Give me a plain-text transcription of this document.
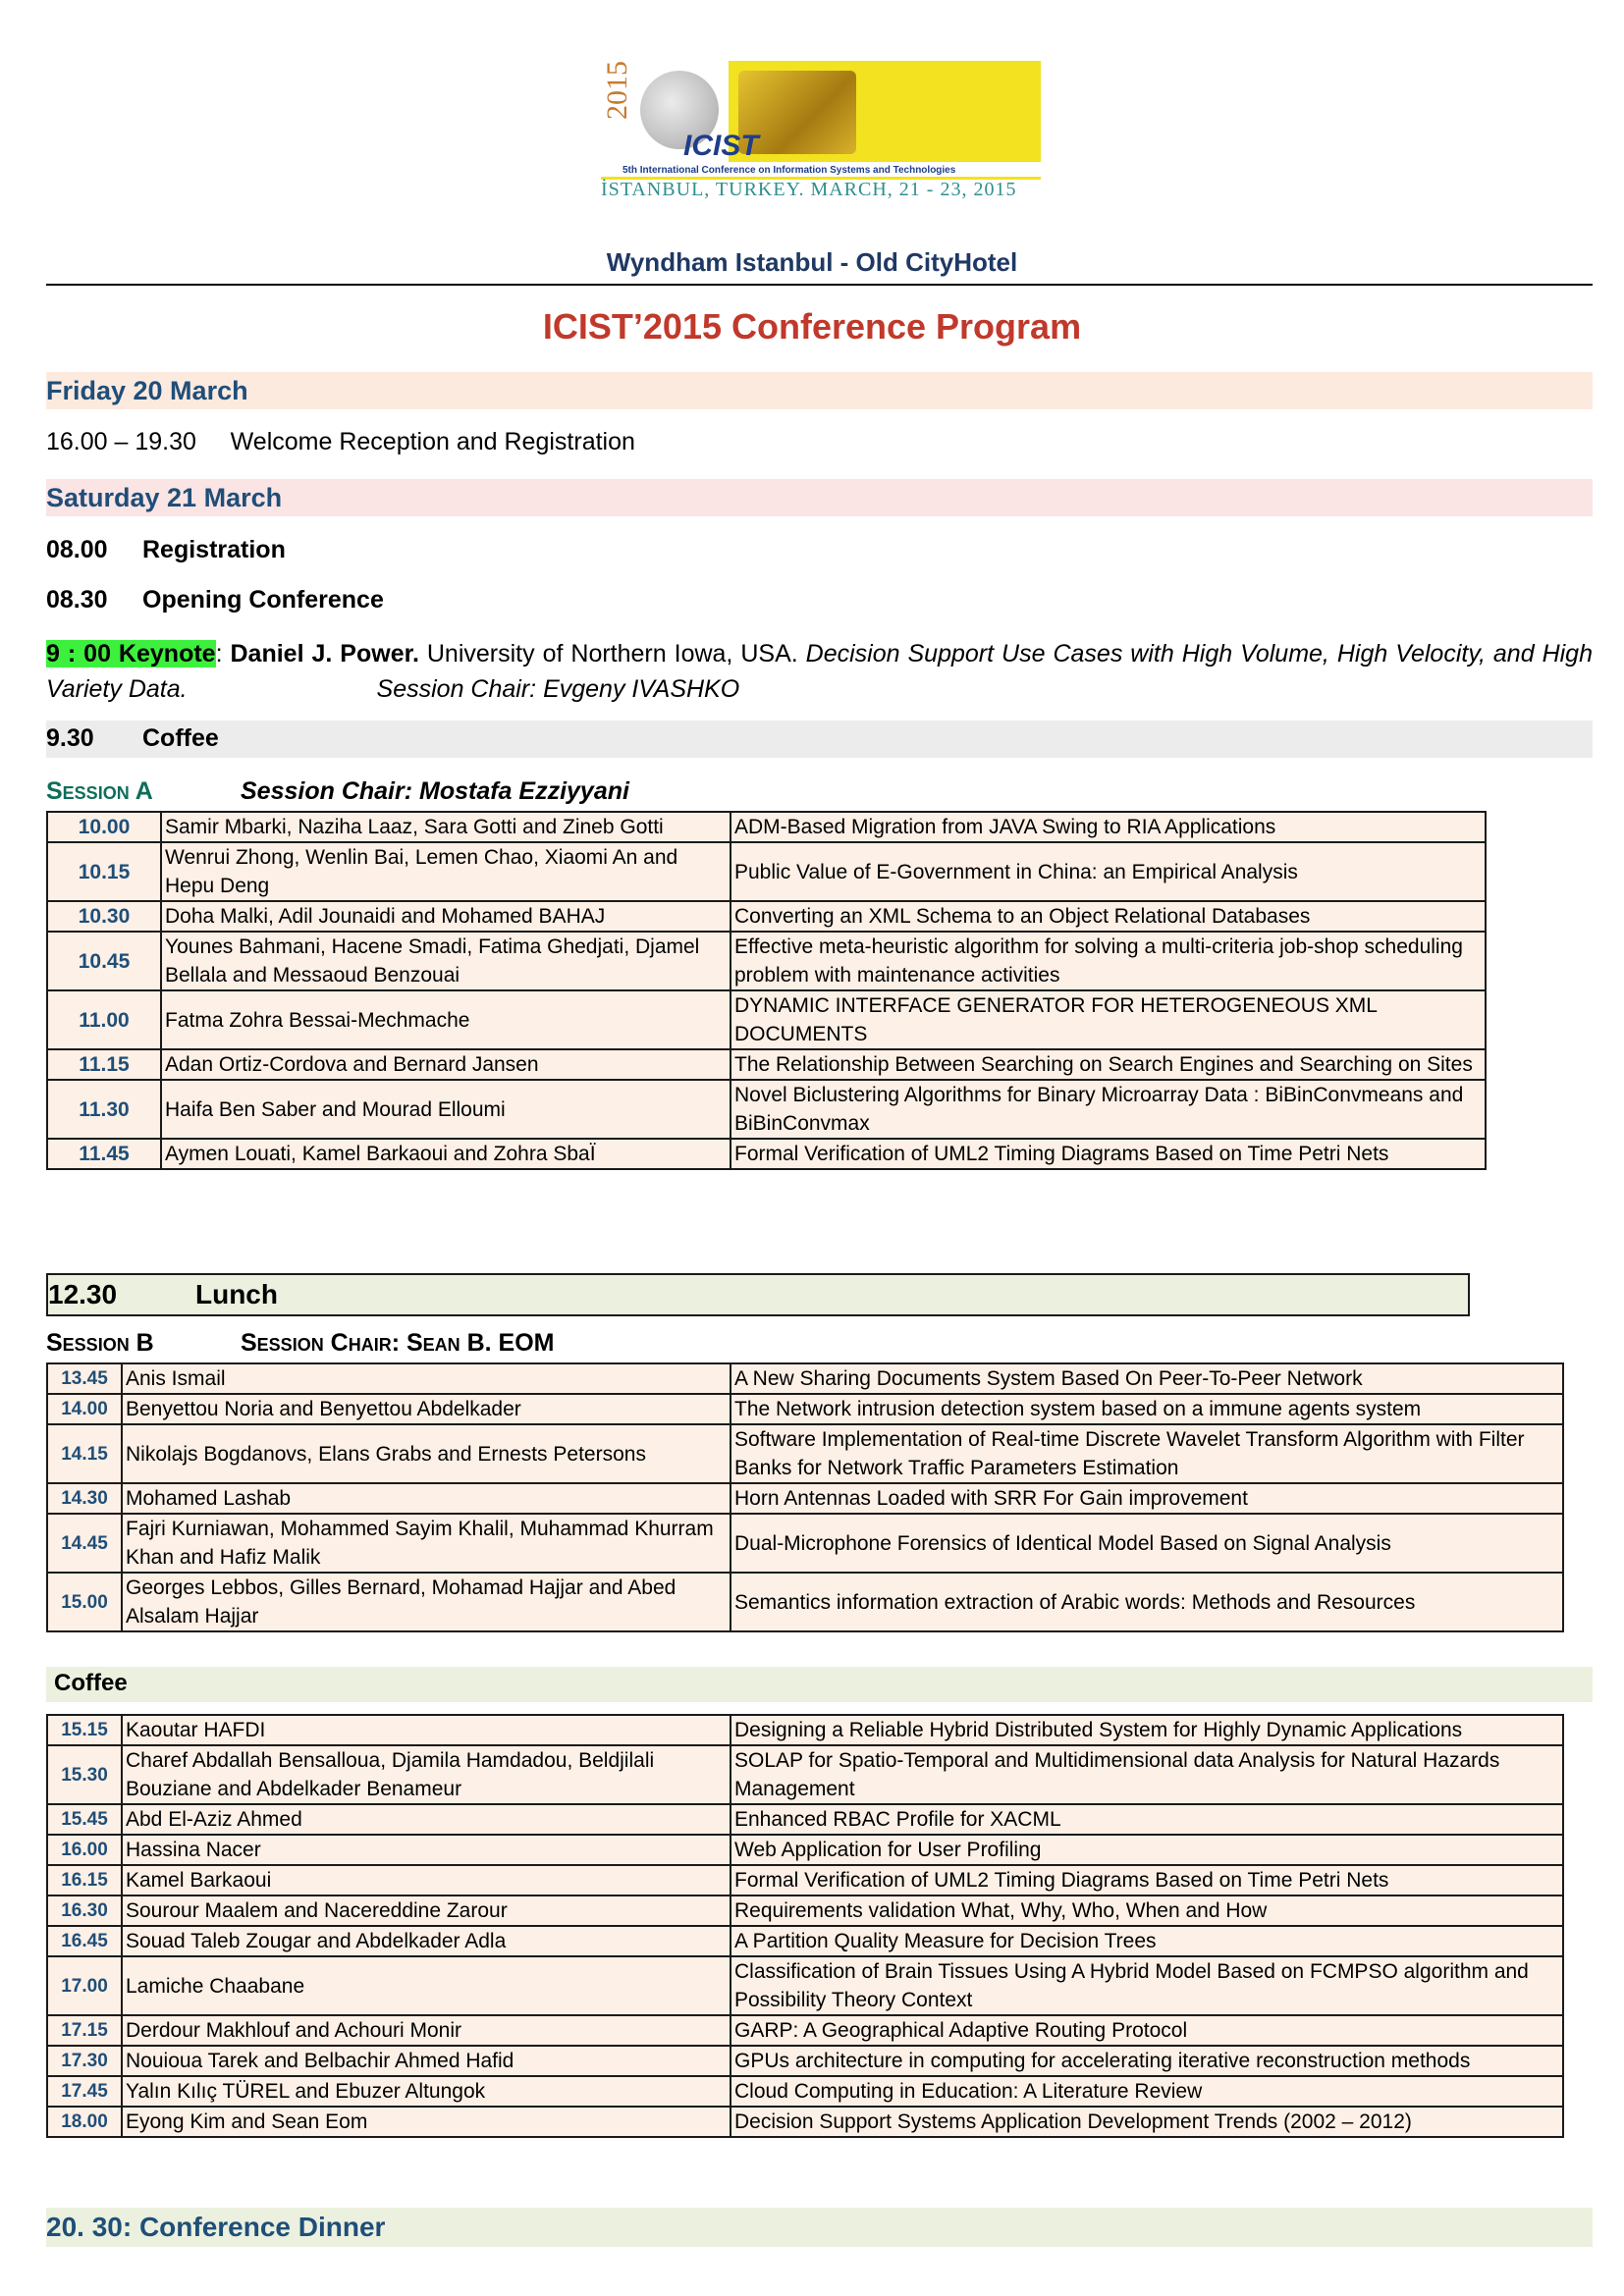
2015
ICIST
5th International Conference on Information Systems and Technologies
İSTANBUL, TURKEY. MARCH, 21 - 23, 2015
Wyndham Istanbul - Old CityHotel
ICIST’2015 Conference Program
Friday 20 March
16.00 – 19.30     Welcome Reception and Registration
Saturday 21 March
08.00 Registration
08.30 Opening Conference
9 : 00 Keynote: Daniel J. Power. University of Northern Iowa, USA. Decision Support Use Cases with High Volume, High Velocity, and High Variety Data.	Session Chair: Evgeny IVASHKO
9.30 Coffee
Session A	Session Chair: Mostafa Ezziyyani
10.00	Samir Mbarki, Naziha Laaz, Sara Gotti and Zineb Gotti	ADM-Based Migration from JAVA Swing to RIA Applications
10.15	Wenrui Zhong, Wenlin Bai, Lemen Chao, Xiaomi An and Hepu Deng	Public Value of E-Government in China: an Empirical Analysis
10.30	Doha Malki, Adil Jounaidi and Mohamed BAHAJ	Converting an XML Schema to an Object Relational Databases
10.45	Younes Bahmani, Hacene Smadi, Fatima Ghedjati, Djamel Bellala and Messaoud Benzouai	Effective meta-heuristic algorithm for solving a multi-criteria job-shop scheduling problem with maintenance activities
11.00	Fatma Zohra Bessai-Mechmache	DYNAMIC INTERFACE GENERATOR FOR HETEROGENEOUS XML DOCUMENTS
11.15	Adan Ortiz-Cordova and Bernard Jansen	The Relationship Between Searching on Search Engines and Searching on Sites
11.30	Haifa Ben Saber and Mourad Elloumi	Novel Biclustering Algorithms for Binary Microarray Data : BiBinConvmeans and BiBinConvmax
11.45	Aymen Louati, Kamel Barkaoui and Zohra SbaÏ	Formal Verification of UML2 Timing Diagrams Based on Time Petri Nets
12.30	Lunch
Session B	Session Chair: Sean B. EOM
13.45	Anis Ismail	A New Sharing Documents System Based On Peer-To-Peer Network
14.00	Benyettou Noria and Benyettou Abdelkader	The Network intrusion detection system based on a immune agents system
14.15	Nikolajs Bogdanovs, Elans Grabs and Ernests Petersons	Software Implementation of Real-time Discrete Wavelet Transform Algorithm with Filter Banks for Network Traffic Parameters Estimation
14.30	Mohamed Lashab	Horn Antennas Loaded with SRR For Gain improvement
14.45	Fajri Kurniawan, Mohammed Sayim Khalil, Muhammad Khurram Khan and Hafiz Malik	Dual-Microphone Forensics of Identical Model Based on Signal Analysis
15.00	Georges Lebbos, Gilles Bernard, Mohamad Hajjar and Abed Alsalam Hajjar	Semantics information extraction of Arabic words: Methods and Resources
Coffee
15.15	Kaoutar HAFDI	Designing a Reliable Hybrid Distributed System for Highly Dynamic Applications
15.30	Charef Abdallah Bensalloua, Djamila Hamdadou, Beldjilali Bouziane and Abdelkader Benameur	SOLAP for Spatio-Temporal and Multidimensional data Analysis for Natural Hazards Management
15.45	Abd El-Aziz Ahmed	Enhanced RBAC Profile for XACML
16.00	Hassina Nacer	Web Application for User Profiling
16.15	Kamel Barkaoui	Formal Verification of UML2 Timing Diagrams Based on Time Petri Nets
16.30	Sourour Maalem and Nacereddine Zarour	Requirements validation What, Why, Who, When and How
16.45	Souad Taleb Zougar and Abdelkader Adla	A Partition Quality Measure for Decision Trees
17.00	Lamiche Chaabane	Classification of Brain Tissues Using A Hybrid Model Based on FCMPSO algorithm and Possibility Theory Context
17.15	Derdour Makhlouf and Achouri Monir	GARP: A Geographical Adaptive Routing Protocol
17.30	Nouioua Tarek and Belbachir Ahmed Hafid	GPUs architecture in computing for accelerating iterative reconstruction methods
17.45	Yalın Kılıç TÜREL and Ebuzer Altungok	Cloud Computing in Education: A Literature Review
18.00	Eyong Kim and Sean Eom	Decision Support Systems Application Development Trends (2002 – 2012)
20. 30: Conference Dinner
